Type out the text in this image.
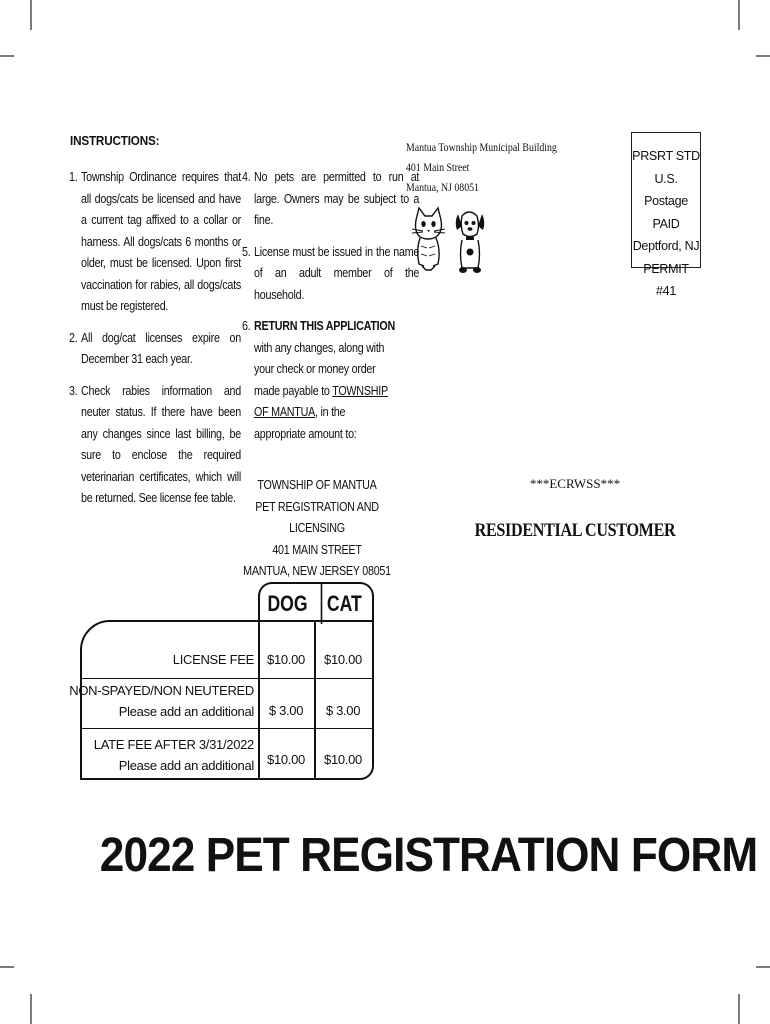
INSTRUCTIONS:
1. Township Ordinance requires that all dogs/cats be licensed and have a current tag affixed to a collar or harness. All dogs/cats 6 months or older, must be licensed. Upon first vaccination for rabies, all dogs/cats must be registered.
2. All dog/cat licenses expire on December 31 each year.
3. Check rabies information and neuter status. If there have been any changes since last billing, be sure to enclose the required veterinarian certificates, which will be returned. See license fee table.
4. No pets are permitted to run at large. Owners may be subject to a fine.
5. License must be issued in the name of an adult member of the household.
6. RETURN THIS APPLICATION with any changes, along with your check or money order made payable to TOWNSHIP OF MANTUA, in the appropriate amount to:
TOWNSHIP OF MANTUA
PET REGISTRATION AND LICENSING
401 MAIN STREET
MANTUA, NEW JERSEY 08051
Mantua Township Municipal Building
401 Main Street
Mantua, NJ 08051
PRSRT STD
U.S. Postage
PAID
Deptford, NJ
PERMIT #41
***ECRWSS***
RESIDENTIAL CUSTOMER
DOG CAT
LICENSE FEE	$10.00	$10.00
NON-SPAYED/NON NEUTERED
Please add an additional	$ 3.00	$ 3.00
LATE FEE AFTER 3/31/2022
Please add an additional	$10.00	$10.00
2022 PET REGISTRATION FORM
